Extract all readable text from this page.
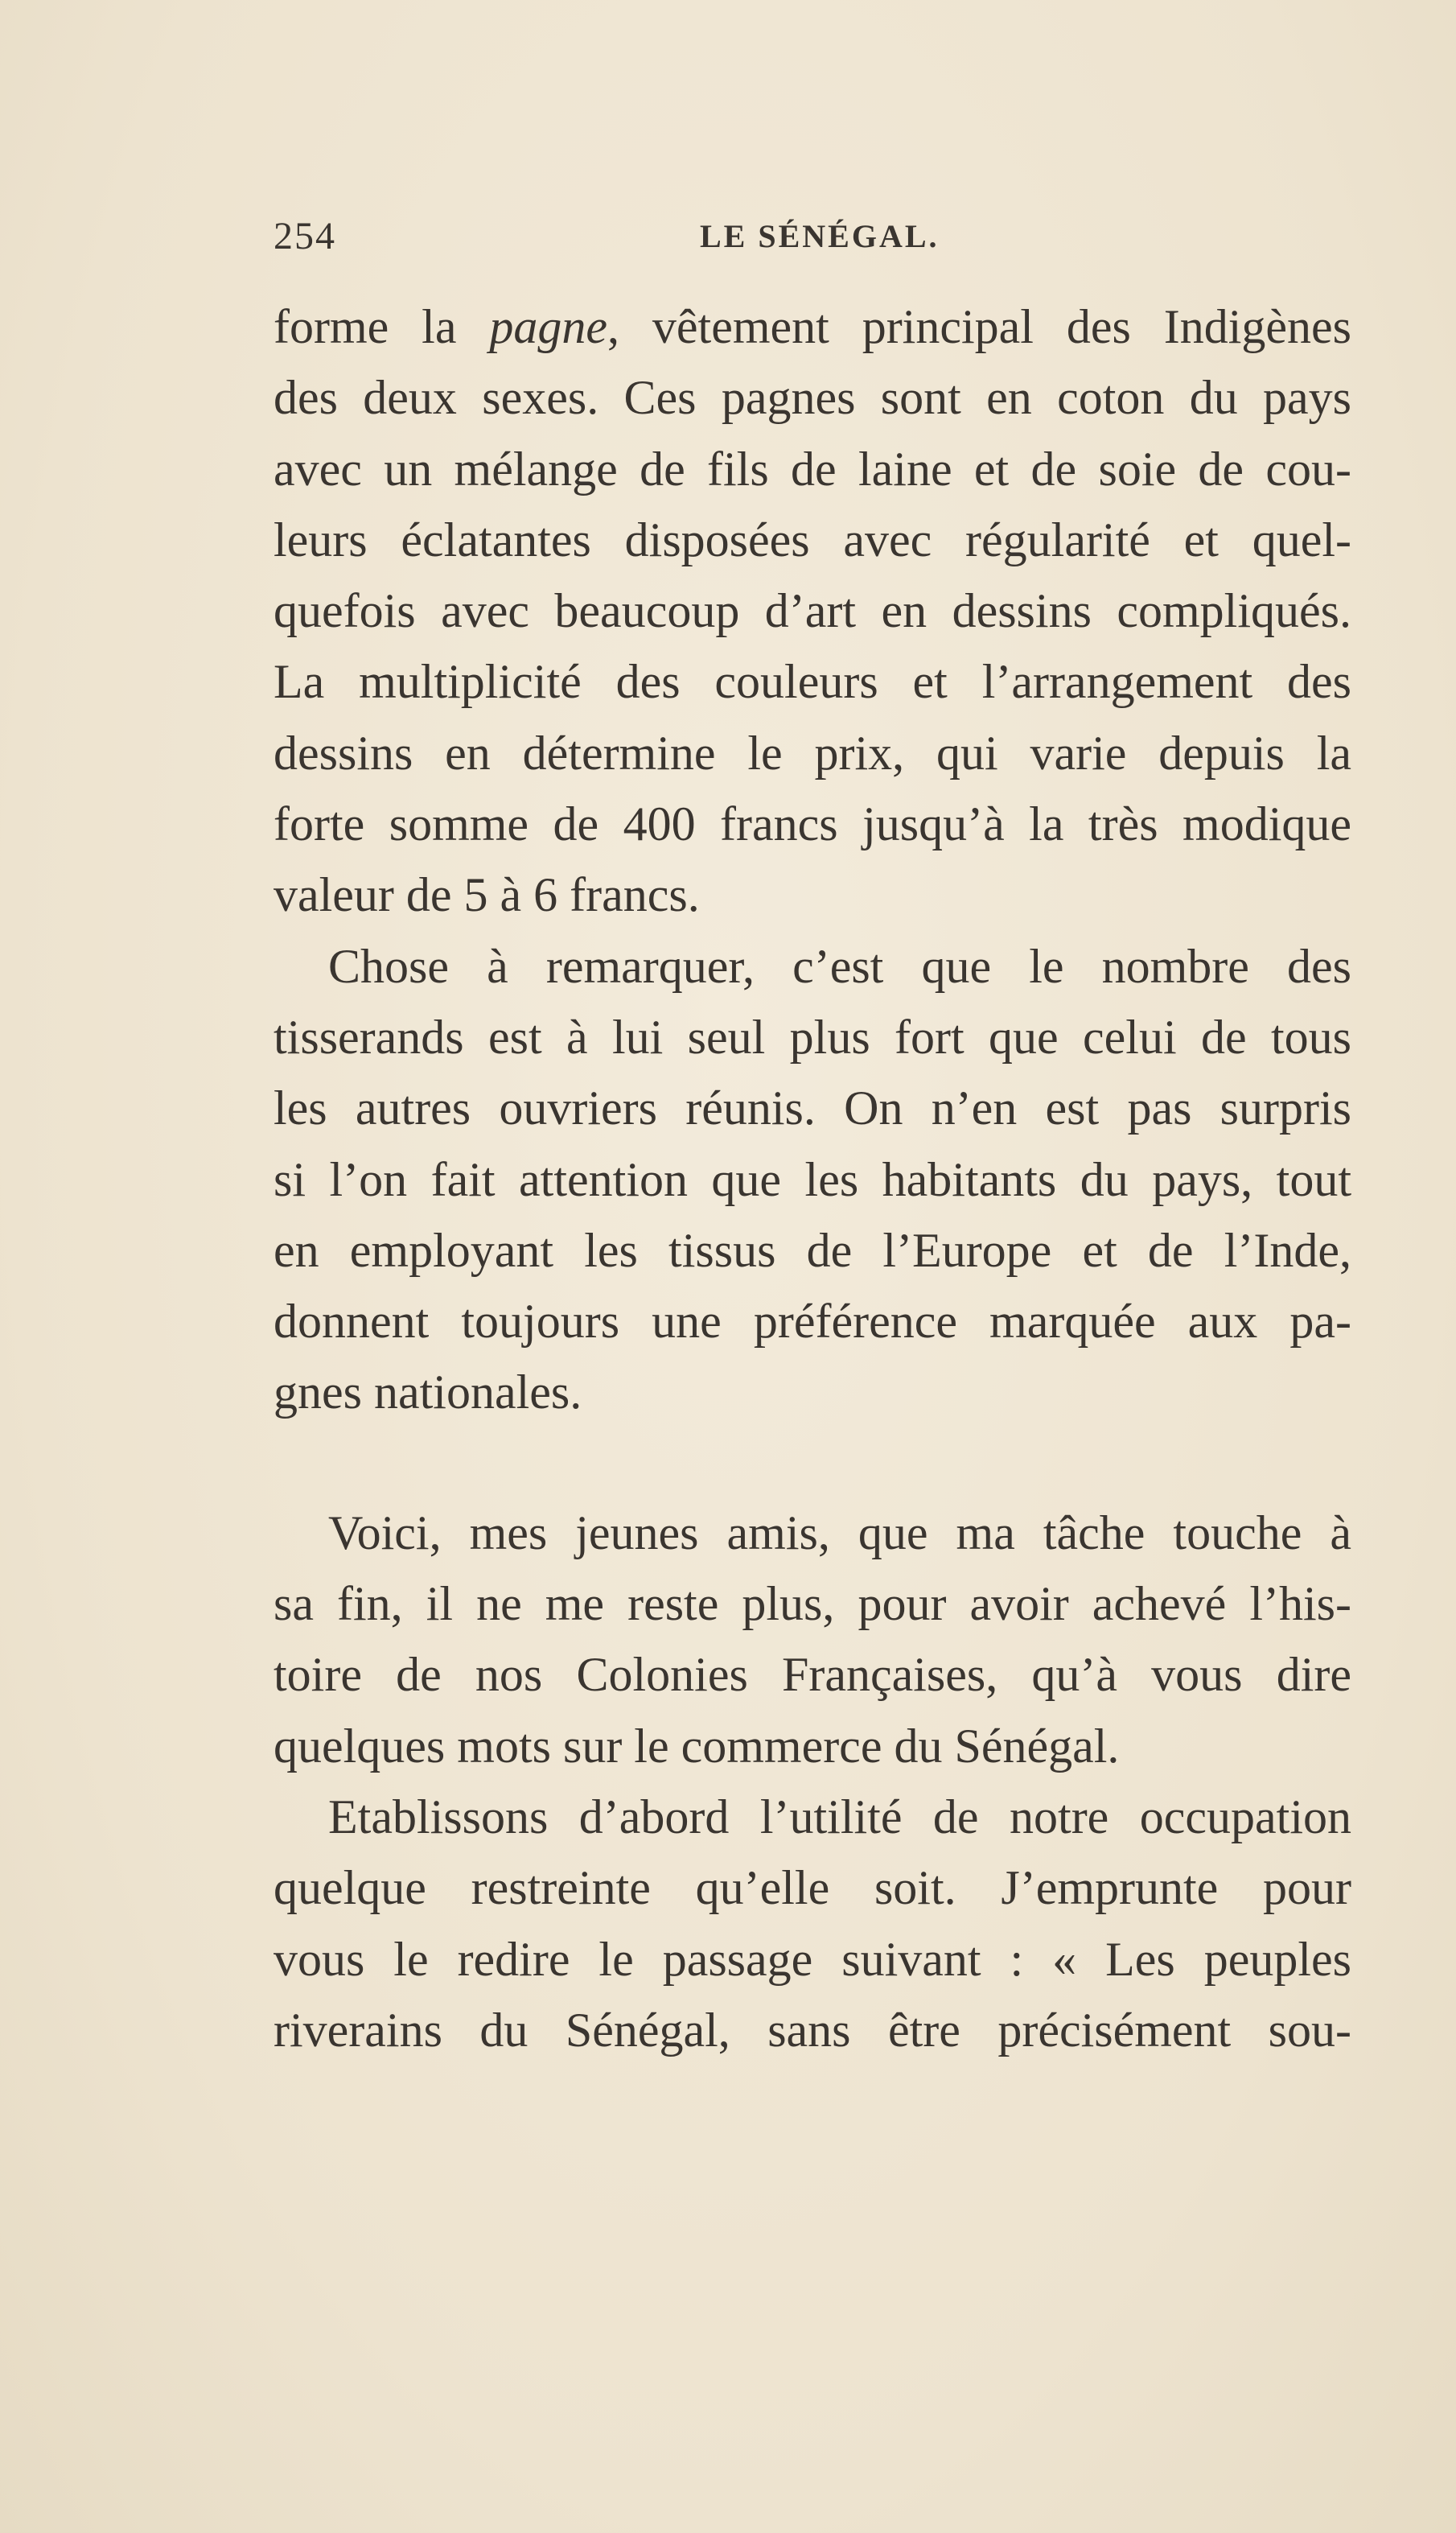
254	LE SÉNÉGAL.
forme la pagne, vêtement principal des Indigènes
des deux sexes. Ces pagnes sont en coton du pays
avec un mélange de fils de laine et de soie de cou-
leurs éclatantes disposées avec régularité et quel-
quefois avec beaucoup d’art en dessins compliqués.
La multiplicité des couleurs et l’arrangement des
dessins en détermine le prix, qui varie depuis la
forte somme de 400 francs jusqu’à la très modique
valeur de 5 à 6 francs.
Chose à remarquer, c’est que le nombre des
tisserands est à lui seul plus fort que celui de tous
les autres ouvriers réunis. On n’en est pas surpris
si l’on fait attention que les habitants du pays, tout
en employant les tissus de l’Europe et de l’Inde,
donnent toujours une préférence marquée aux pa-
gnes nationales.
Voici, mes jeunes amis, que ma tâche touche à
sa fin, il ne me reste plus, pour avoir achevé l’his-
toire de nos Colonies Françaises, qu’à vous dire
quelques mots sur le commerce du Sénégal.
Etablissons d’abord l’utilité de notre occupation
quelque restreinte qu’elle soit. J’emprunte pour
vous le redire le passage suivant : « Les peuples
riverains du Sénégal, sans être précisément sou-
